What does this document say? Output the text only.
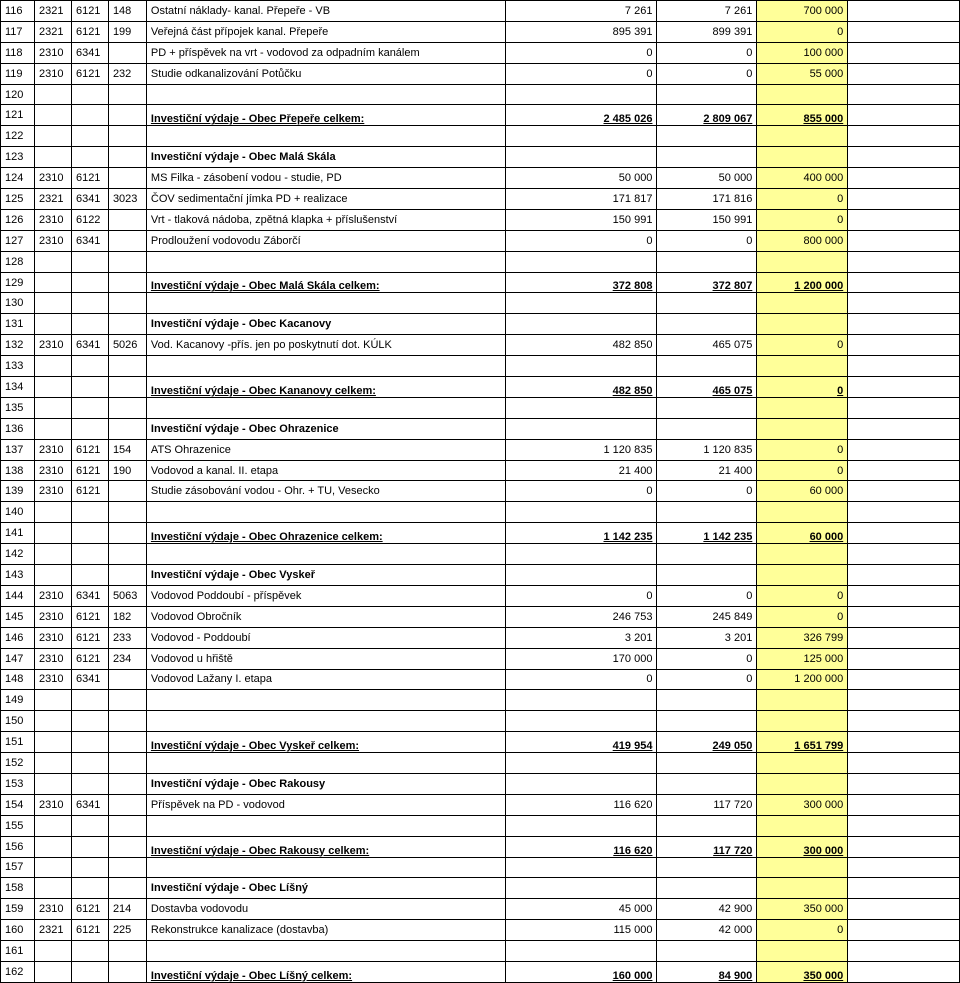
116	2321	6121	148	Ostatní náklady- kanal. Přepeře - VB	7 261	7 261	700 000	
117	2321	6121	199	Veřejná část přípojek kanal. Přepeře	895 391	899 391	0	
118	2310	6341		PD + příspěvek na vrt - vodovod za odpadním kanálem	0	0	100 000	
119	2310	6121	232	Studie odkanalizování Potůčku	0	0	55 000	
120								
121				Investiční výdaje - Obec Přepeře celkem:	2 485 026	2 809 067	855 000	
122								
123				Investiční výdaje - Obec Malá Skála				
124	2310	6121		MS Filka - zásobení vodou - studie, PD	50 000	50 000	400 000	
125	2321	6341	3023	ČOV sedimentační jímka PD + realizace	171 817	171 816	0	
126	2310	6122		Vrt - tlaková nádoba, zpětná klapka + příslušenství	150 991	150 991	0	
127	2310	6341		Prodloužení vodovodu Záborčí	0	0	800 000	
128								
129				Investiční výdaje - Obec Malá Skála celkem:	372 808	372 807	1 200 000	
130								
131				Investiční výdaje - Obec Kacanovy				
132	2310	6341	5026	Vod. Kacanovy -přís. jen po poskytnutí dot. KÚLK	482 850	465 075	0	
133								
134				Investiční výdaje - Obec Kananovy celkem:	482 850	465 075	0	
135								
136				Investiční výdaje - Obec Ohrazenice				
137	2310	6121	154	ATS Ohrazenice	1 120 835	1 120 835	0	
138	2310	6121	190	Vodovod a kanal. II. etapa	21 400	21 400	0	
139	2310	6121		Studie zásobování vodou - Ohr. + TU, Vesecko	0	0	60 000	
140								
141				Investiční výdaje - Obec Ohrazenice celkem:	1 142 235	1 142 235	60 000	
142								
143				Investiční výdaje - Obec Vyskeř				
144	2310	6341	5063	Vodovod Poddoubí - příspěvek	0	0	0	
145	2310	6121	182	Vodovod Obročník	246 753	245 849	0	
146	2310	6121	233	Vodovod - Poddoubí	3 201	3 201	326 799	
147	2310	6121	234	Vodovod u hřiště	170 000	0	125 000	
148	2310	6341		Vodovod Lažany I. etapa	0	0	1 200 000	
149								
150								
151				Investiční výdaje - Obec Vyskeř celkem:	419 954	249 050	1 651 799	
152								
153				Investiční výdaje - Obec Rakousy				
154	2310	6341		Příspěvek na PD - vodovod	116 620	117 720	300 000	
155								
156				Investiční výdaje - Obec Rakousy celkem:	116 620	117 720	300 000	
157								
158				Investiční výdaje - Obec Líšný				
159	2310	6121	214	Dostavba vodovodu	45 000	42 900	350 000	
160	2321	6121	225	Rekonstrukce kanalizace (dostavba)	115 000	42 000	0	
161								
162				Investiční výdaje - Obec Líšný celkem:	160 000	84 900	350 000	
